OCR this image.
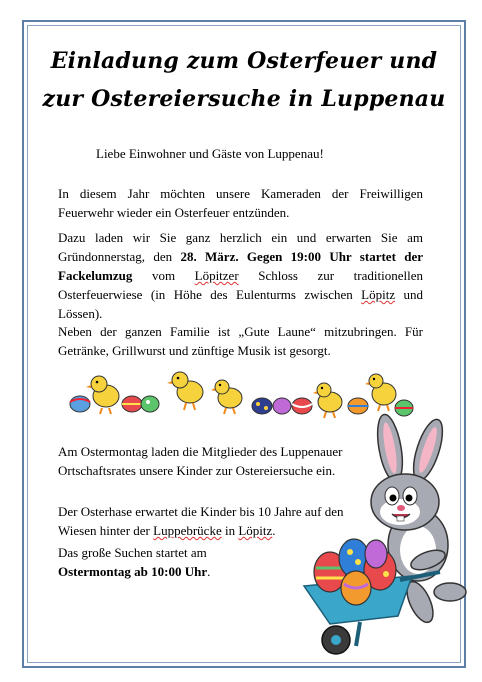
Einladung zum Osterfeuer und
zur Ostereiersuche in Luppenau

Liebe Einwohner und Gäste von Luppenau!

In diesem Jahr möchten unsere Kameraden der Freiwilligen Feuerwehr wieder ein Osterfeuer entzünden.

Dazu laden wir Sie ganz herzlich ein und erwarten Sie am Gründonnerstag, den 28. März. Gegen 19:00 Uhr startet der Fackelumzug vom Löpitzer Schloss zur traditionellen Osterfeuerwiese (in Höhe des Eulenturms zwischen Löpitz und Lössen).

Neben der ganzen Familie ist „Gute Laune“ mitzubringen. Für Getränke, Grillwurst und zünftige Musik ist gesorgt.

Am Ostermontag laden die Mitglieder des Luppenauer Ortschaftsrates unsere Kinder zur Ostereiersuche ein.

Der Osterhase erwartet die Kinder bis 10 Jahre auf den Wiesen hinter der Luppebrücke in Löpitz.

Das große Suchen startet am
Ostermontag ab 10:00 Uhr.
